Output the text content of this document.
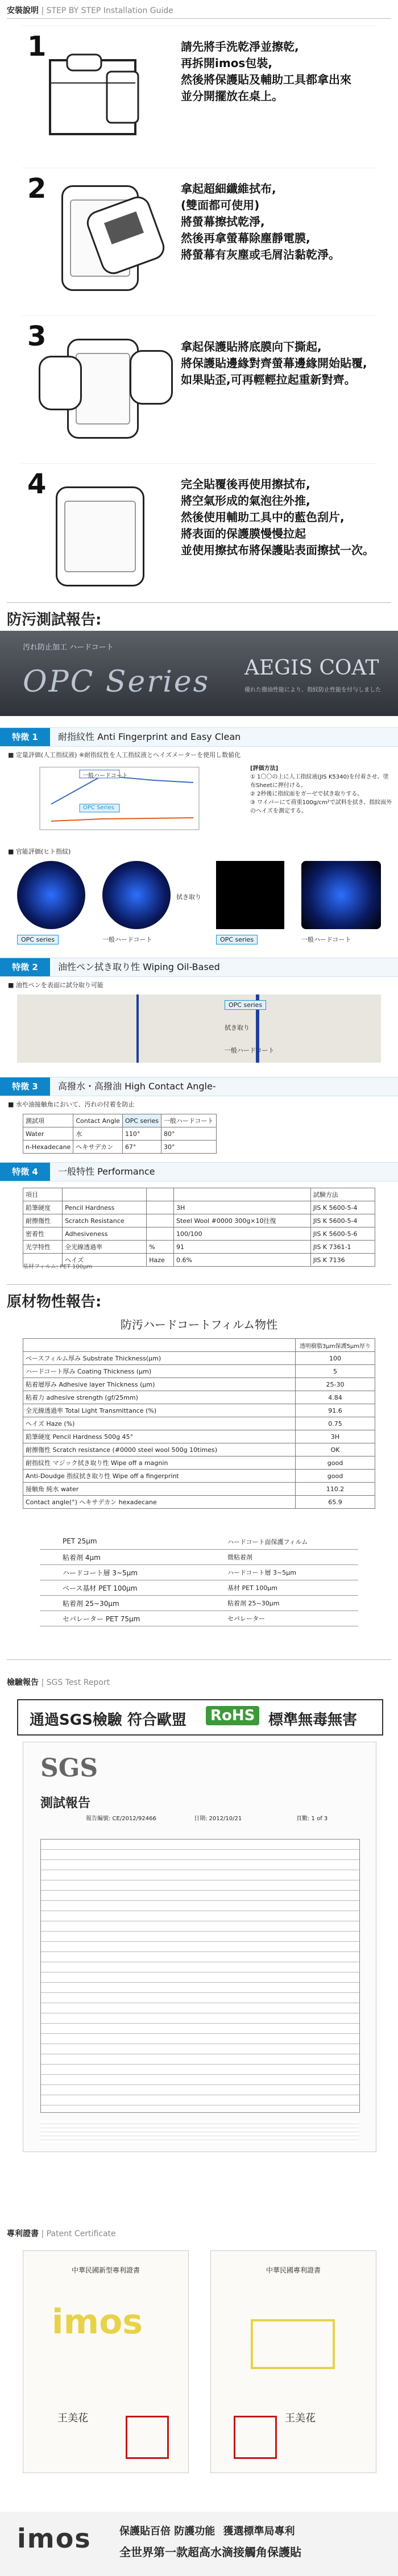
安裝說明 | STEP BY STEP Installation Guide
1	請先將手洗乾淨並擦乾,
再拆開imos包裝,
然後將保護貼及輔助工具都拿出來
並分開擺放在桌上。
2	拿起超細纖維拭布,
(雙面都可使用)
將螢幕擦拭乾淨,
然後再拿螢幕除塵靜電膜,
將螢幕有灰塵或毛屑沾黏乾淨。
3	拿起保護貼將底膜向下撕起,
將保護貼邊緣對齊螢幕邊緣開始貼覆,
如果貼歪,可再輕輕拉起重新對齊。
4	完全貼覆後再使用擦拭布,
將空氣形成的氣泡往外推,
然後使用輔助工具中的藍色刮片,
將表面的保護膜慢慢拉起
並使用擦拭布將保護貼表面擦拭一次。
防污測試報告:
汚れ防止加工 ハードコート
OPC Series AEGIS COAT
優れた撥油性能により、指紋防止性能を付与しました
特徵 1	耐指紋性 Anti Fingerprint and Easy Clean
■ 定量評価(人工指紋液) ※耐指紋性を人工指紋液とヘイズメーターを使用し数値化
一般ハードコート
OPC Series
[評価方法]
① 1〇〇の上に人工指紋液(JIS K5340)を付着させ、塗布Sheetに押付ける。
② 2秒後に指紋面をガーゼで拭き取りする。
③ ワイパーにて荷重100g/cm²で試料を拭き、指紋面外のヘイズを測定する。
■ 官能評価(ヒト指紋)
拭き取り
OPC series	一般ハードコート	OPC series	一般ハードコート
特徵 2	油性ペン拭き取り性 Wiping Oil-Based
■ 油性ペンを表面に試分取り可能
OPC series
拭き取り
一般ハードコート
特徵 3	高撥水・高撥油 High Contact Angle-
■ 水や油接触角において、汚れの付着を防止
測試項	Contact Angle	OPC series	一般ハードコート
Water	水	110°	80°
n-Hexadecane	ヘキサデカン	67°	30°
特徵 4	一般特性 Performance
項目				試験方法
鉛筆硬度	Pencil Hardness		3H	JIS K 5600-5-4
耐擦傷性	Scratch Resistance		Steel Wool #0000 300g×10往復	JIS K 5600-5-4
密着性	Adhesiveness		100/100	JIS K 5600-5-6
光学特性	全光線透過率	%	91	JIS K 7361-1
	ヘイズ	Haze	0.6%	JIS K 7136
基材フィルム: PET 100μm
原材物性報告:
防汚ハードコートフィルム物性
	透明樹脂3μm保護5μm厚り
ベースフィルム厚み Substrate Thickness(μm)	100
ハードコート厚み Coating Thickness (μm)	5
粘着層厚み Adhesive layer Thickness (μm)	25-30
粘着力 adhesive strength (gf/25mm)	4.84
全光線透過率 Total Light Transmittance (%)	91.6
ヘイズ Haze (%)	0.75
鉛筆硬度 Pencil Hardness 500g 45°	3H
耐擦傷性 Scratch resistance (#0000 steel wool 500g 10times)	OK
耐指紋性 マジック拭き取り性 Wipe off a magnin	good
Anti-Doudge 指紋拭き取り性 Wipe off a fingerprint	good
接触角 純水 water	110.2
Contact angle(°) ヘキサデカン hexadecane	65.9
PET 25μm	ハードコート面保護フィルム
粘着剤 4μm	微粘着剤
ハードコート層 3~5μm	ハードコート層 3~5μm
ベース基材 PET 100μm	基材 PET 100μm
粘着剤 25~30μm	粘着剤 25~30μm
セパレーター PET 75μm	セパレーター
檢驗報告 | SGS Test Report
通過SGS檢驗 符合歐盟	RoHS 標準無毒無害
SGS
測試報告
報告編號: CE/2012/92466	日期: 2012/10/21	頁數: 1 of 3
專利證書 | Patent Certificate
中華民國新型專利證書
imos
王美花
中華民國專利證書
王美花
imos	保護貼百倍 防護功能 獲選標準局專利
全世界第一款超高水滴接觸角保護貼
